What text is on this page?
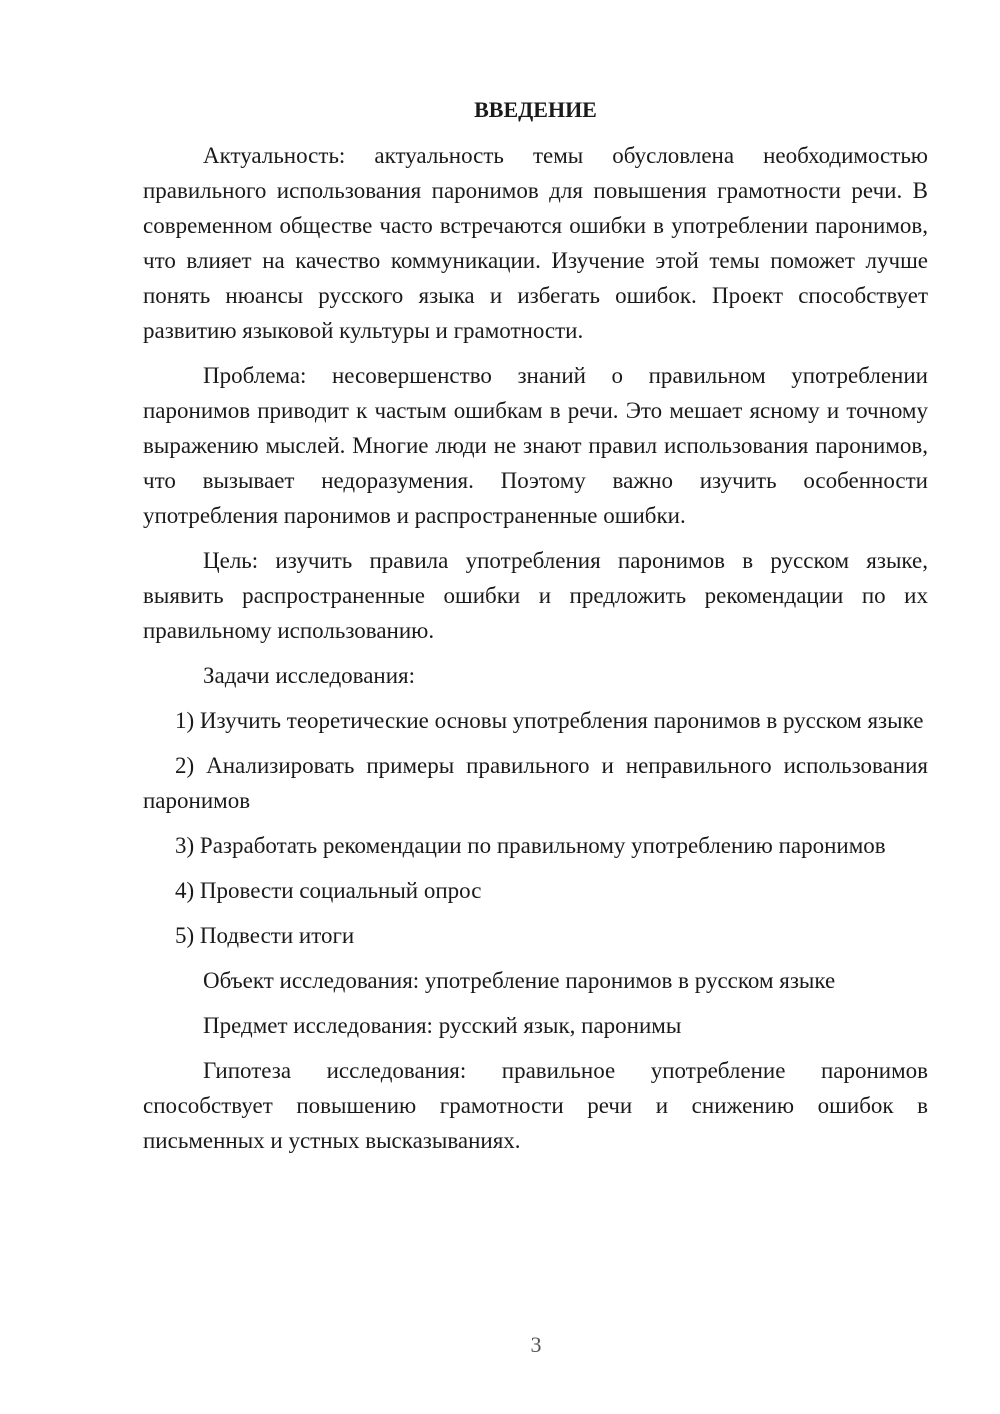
ВВЕДЕНИЕ

Актуальность: актуальность темы обусловлена необходимостью правильного использования паронимов для повышения грамотности речи. В современном обществе часто встречаются ошибки в употреблении паронимов, что влияет на качество коммуникации. Изучение этой темы поможет лучше понять нюансы русского языка и избегать ошибок. Проект способствует развитию языковой культуры и грамотности.

Проблема: несовершенство знаний о правильном употреблении паронимов приводит к частым ошибкам в речи. Это мешает ясному и точному выражению мыслей. Многие люди не знают правил использования паронимов, что вызывает недоразумения. Поэтому важно изучить особенности употребления паронимов и распространенные ошибки.

Цель: изучить правила употребления паронимов в русском языке, выявить распространенные ошибки и предложить рекомендации по их правильному использованию.

Задачи исследования:

1) Изучить теоретические основы употребления паронимов в русском языке

2) Анализировать примеры правильного и неправильного использования паронимов

3) Разработать рекомендации по правильному употреблению паронимов

4) Провести социальный опрос

5) Подвести итоги

Объект исследования: употребление паронимов в русском языке

Предмет исследования: русский язык, паронимы

Гипотеза исследования: правильное употребление паронимов способствует повышению грамотности речи и снижению ошибок в письменных и устных высказываниях.

3
